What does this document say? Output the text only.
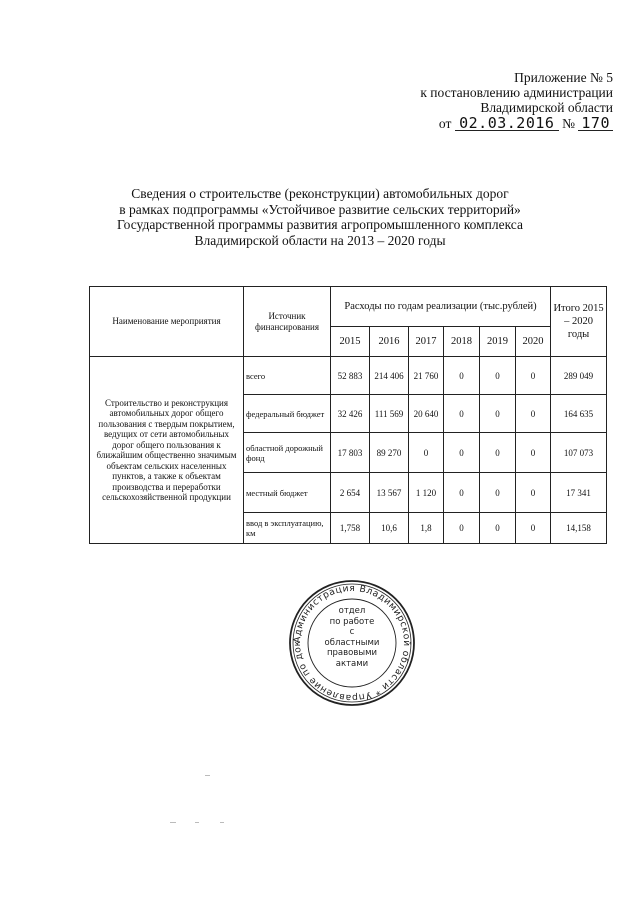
Приложение № 5
к постановлению администрации
Владимирской области
от 02.03.2016 № 170
Сведения о строительстве (реконструкции) автомобильных дорог
в рамках подпрограммы «Устойчивое развитие сельских территорий»
Государственной программы развития агропромышленного комплекса
Владимирской области на 2013 – 2020 годы
Наименование мероприятия	Источник финансирования	Расходы по годам реализации (тыс.рублей)						Итого 2015 – 2020 годы
		2015	2016	2017	2018	2019	2020	
Строительство и реконструкция автомобильных дорог общего пользования с твердым покрытием, ведущих от сети автомобильных дорог общего пользования к ближайшим общественно значимым объектам сельских населенных пунктов, а также к объектам производства и переработки сельскохозяйственной продукции	всего	52 883	214 406	21 760	0	0	0	289 049
	федеральный бюджет	32 426	111 569	20 640	0	0	0	164 635
	областной дорожный фонд	17 803	89 270	0	0	0	0	107 073
	местный бюджет	2 654	13 567	1 120	0	0	0	17 341
	ввод в эксплуатацию, км	1,758	10,6	1,8	0	0	0	14,158
Администрация Владимирской области * Управление по док
отдел
по работе
с областными
правовыми
актами
